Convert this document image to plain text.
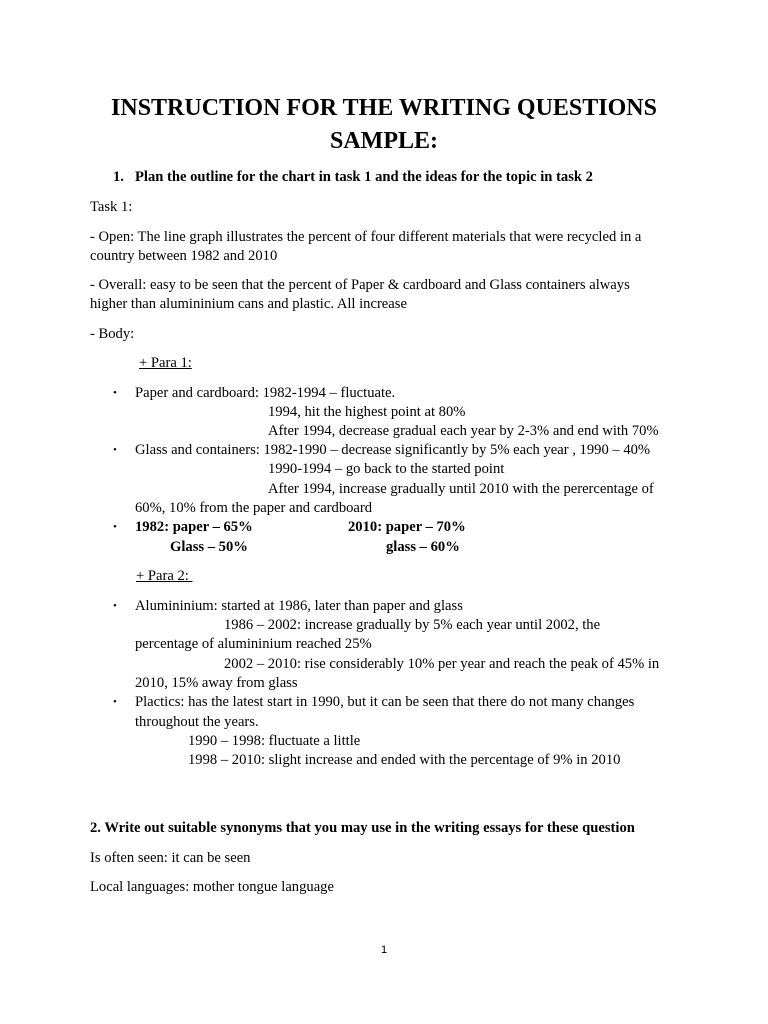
INSTRUCTION FOR THE WRITING QUESTIONS
SAMPLE:
1. Plan the outline for the chart in task 1 and the ideas for the topic in task 2
Task 1:
- Open: The line graph illustrates the percent of four different materials that were recycled in a
country between 1982 and 2010
- Overall: easy to be seen that the percent of Paper & cardboard and Glass containers always
higher than alumininium cans and plastic. All increase
- Body:
+ Para 1:
• Paper and cardboard: 1982-1994 – fluctuate.
1994, hit the highest point at 80%
After 1994, decrease gradual each year by 2-3% and end with 70%
• Glass and containers: 1982-1990 – decrease significantly by 5% each year , 1990 – 40%
1990-1994 – go back to the started point
After 1994, increase gradually until 2010 with the perercentage of
60%, 10% from the paper and cardboard
• 1982: paper – 65%	2010: paper – 70%
Glass – 50%	glass – 60%
+ Para 2:
• Alumininium: started at 1986, later than paper and glass
1986 – 2002: increase gradually by 5% each year until 2002, the
percentage of alumininium reached 25%
2002 – 2010: rise considerably 10% per year and reach the peak of 45% in
2010, 15% away from glass
• Plactics: has the latest start in 1990, but it can be seen that there do not many changes
throughout the years.
1990 – 1998: fluctuate a little
1998 – 2010: slight increase and ended with the percentage of 9% in 2010
2. Write out suitable synonyms that you may use in the writing essays for these question
Is often seen: it can be seen
Local languages: mother tongue language
1
